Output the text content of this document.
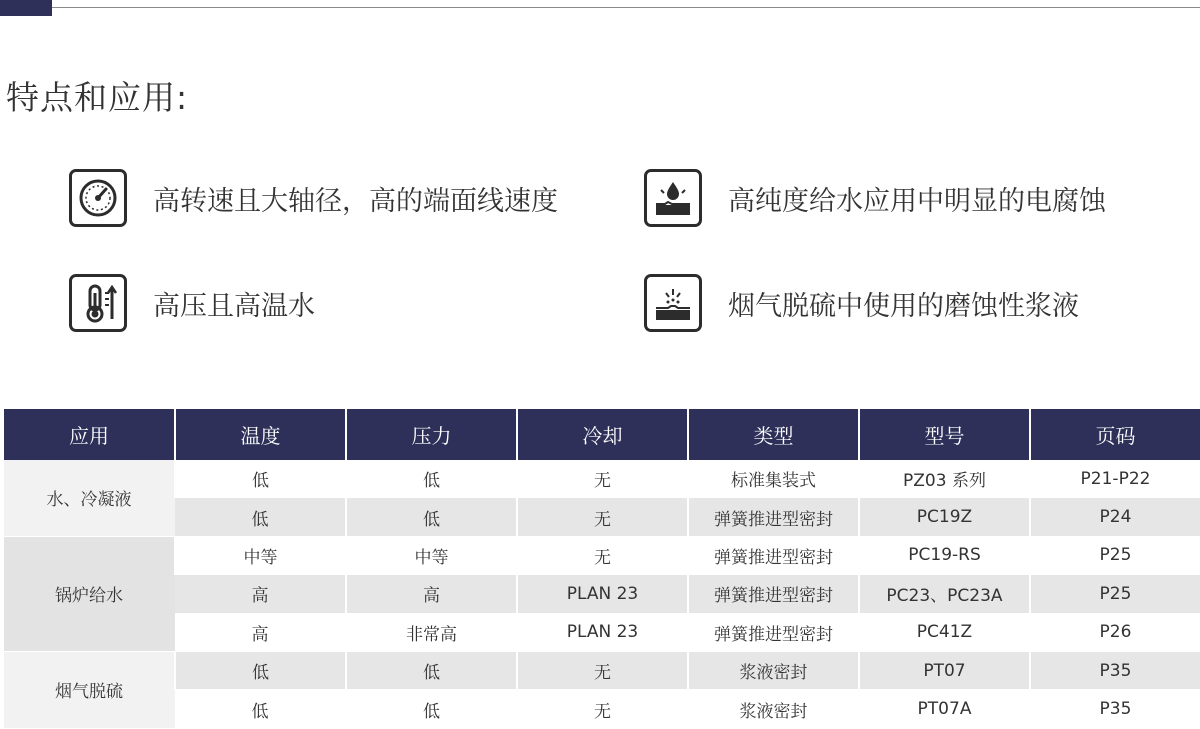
特点和应用:
高转速且大轴径，高的端面线速度	高纯度给水应用中明显的电腐蚀
高压且高温水	烟气脱硫中使用的磨蚀性浆液
应用	温度	压力	冷却	类型	型号	页码
水、冷凝液	低	低	无	标准集装式	PZ03 系列	P21-P22
	低	低	无	弹簧推进型密封	PC19Z	P24
锅炉给水	中等	中等	无	弹簧推进型密封	PC19-RS	P25
	高	高	PLAN 23	弹簧推进型密封	PC23、PC23A	P25
	高	非常高	PLAN 23	弹簧推进型密封	PC41Z	P26
烟气脱硫	低	低	无	浆液密封	PT07	P35
	低	低	无	浆液密封	PT07A	P35
